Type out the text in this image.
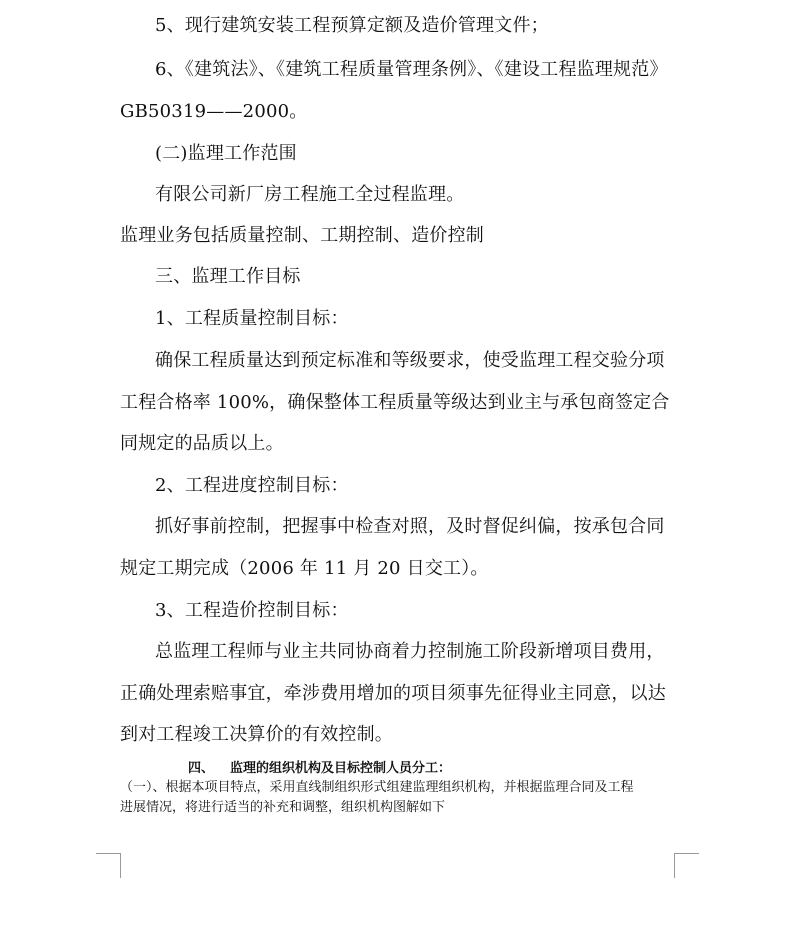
5、现行建筑安装工程预算定额及造价管理文件；
6、《建筑法》、《建筑工程质量管理条例》、《建设工程监理规范》
GB50319——2000。
(二)监理工作范围
有限公司新厂房工程施工全过程监理。
监理业务包括质量控制、工期控制、造价控制
三、监理工作目标
1、工程质量控制目标：
确保工程质量达到预定标准和等级要求，使受监理工程交验分项
工程合格率 100%，确保整体工程质量等级达到业主与承包商签定合
同规定的品质以上。
2、工程进度控制目标：
抓好事前控制，把握事中检查对照，及时督促纠偏，按承包合同
规定工期完成（2006 年 11 月 20 日交工）。
3、工程造价控制目标：
总监理工程师与业主共同协商着力控制施工阶段新增项目费用，
正确处理索赔事宜，牵涉费用增加的项目须事先征得业主同意，以达
到对工程竣工决算价的有效控制。
四、 监理的组织机构及目标控制人员分工：
（一）、根据本项目特点，采用直线制组织形式组建监理组织机构，并根据监理合同及工程
进展情况，将进行适当的补充和调整，组织机构图解如下
